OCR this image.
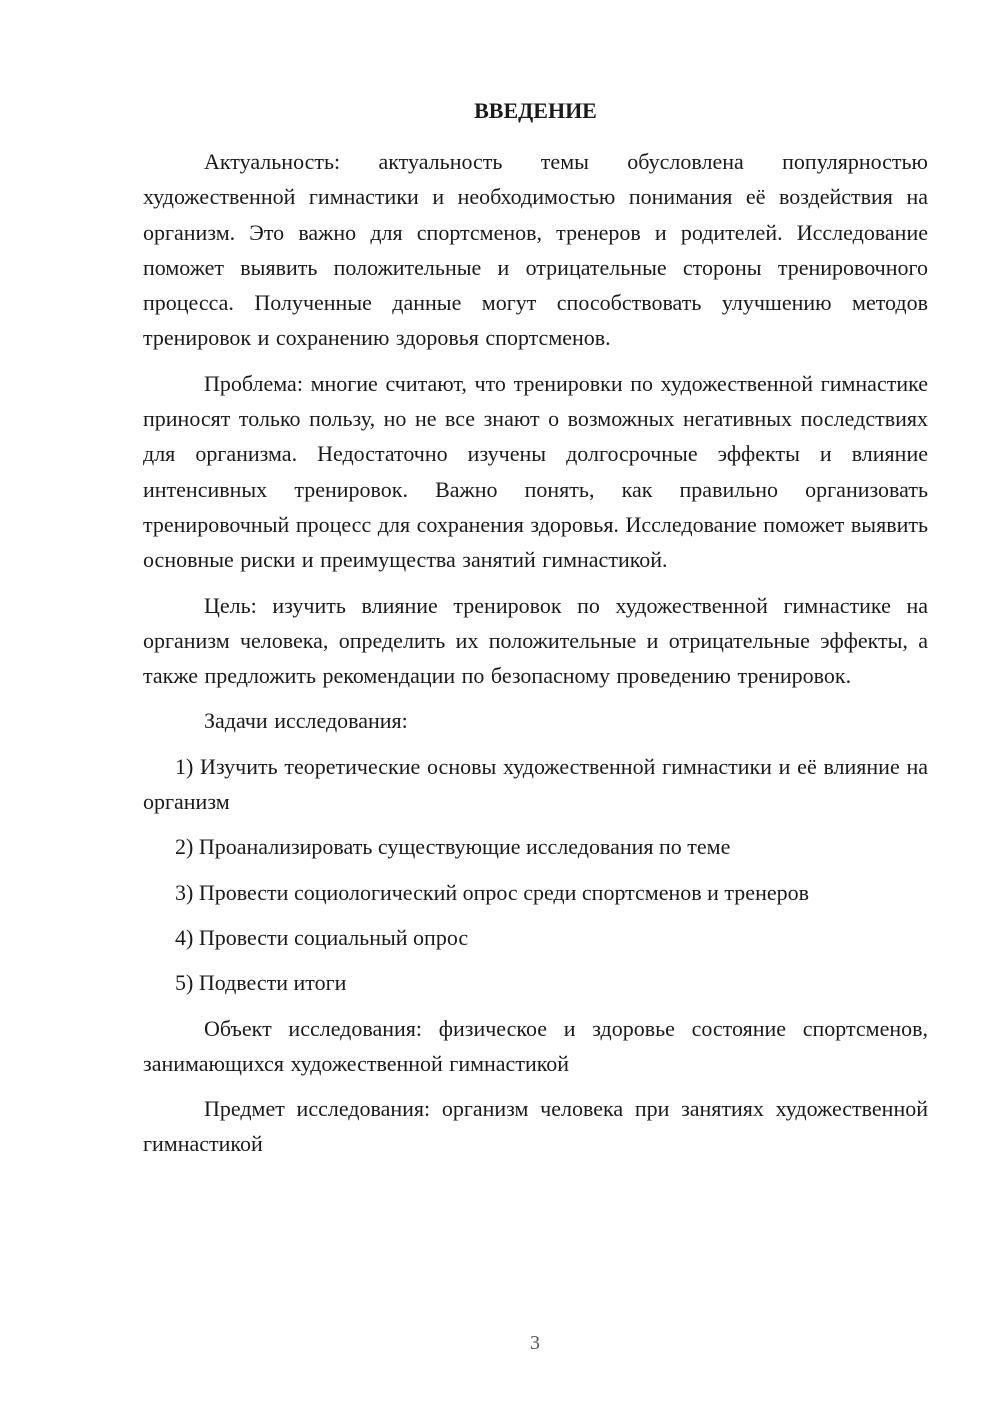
ВВЕДЕНИЕ

Актуальность: актуальность темы обусловлена популярностью художественной гимнастики и необходимостью понимания её воздействия на организм. Это важно для спортсменов, тренеров и родителей. Исследование поможет выявить положительные и отрицательные стороны тренировочного процесса. Полученные данные могут способствовать улучшению методов тренировок и сохранению здоровья спортсменов.

Проблема: многие считают, что тренировки по художественной гимнастике приносят только пользу, но не все знают о возможных негативных последствиях для организма. Недостаточно изучены долгосрочные эффекты и влияние интенсивных тренировок. Важно понять, как правильно организовать тренировочный процесс для сохранения здоровья. Исследование поможет выявить основные риски и преимущества занятий гимнастикой.

Цель: изучить влияние тренировок по художественной гимнастике на организм человека, определить их положительные и отрицательные эффекты, а также предложить рекомендации по безопасному проведению тренировок.

Задачи исследования:

1) Изучить теоретические основы художественной гимнастики и её влияние на организм

2) Проанализировать существующие исследования по теме

3) Провести социологический опрос среди спортсменов и тренеров

4) Провести социальный опрос

5) Подвести итоги

Объект исследования: физическое и здоровье состояние спортсменов, занимающихся художественной гимнастикой

Предмет исследования: организм человека при занятиях художественной гимнастикой

3
